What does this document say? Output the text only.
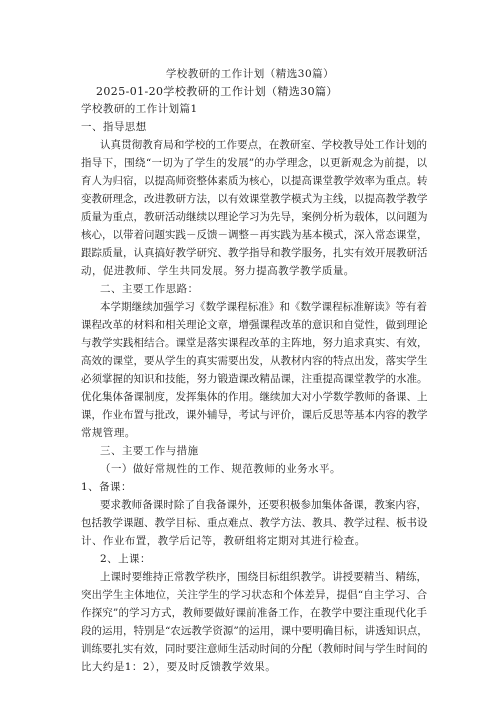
学校教研的工作计划（精选30篇）
2025-01-20学校教研的工作计划（精选30篇）
学校教研的工作计划篇1
一、指导思想
认真贯彻教育局和学校的工作要点，在教研室、学校教导处工作计划的
指导下，围绕“一切为了学生的发展”的办学理念，以更新观念为前提，以
育人为归宿，以提高师资整体素质为核心，以提高课堂教学效率为重点。转
变教研理念，改进教研方法，以有效课堂教学模式为主线，以提高教学教学
质量为重点，教研活动继续以理论学习为先导，案例分析为载体，以问题为
核心，以带着问题实践－反馈－调整－再实践为基本模式，深入常态课堂，
跟踪质量，认真搞好教学研究、教学指导和教学服务，扎实有效开展教研活
动，促进教师、学生共同发展。努力提高教学教学质量。
二、主要工作思路：
本学期继续加强学习《数学课程标准》和《数学课程标准解读》等有着
课程改革的材料和相关理论文章，增强课程改革的意识和自觉性，做到理论
与教学实践相结合。课堂是落实课程改革的主阵地，努力追求真实、有效，
高效的课堂，要从学生的真实需要出发，从教材内容的特点出发，落实学生
必须掌握的知识和技能，努力锻造课改精品课，注重提高课堂教学的水准。
优化集体备课制度，发挥集体的作用。继续加大对小学数学教师的备课、上
课，作业布置与批改，课外辅导，考试与评价，课后反思等基本内容的教学
常规管理。
三、主要工作与措施
（一）做好常规性的工作、规范教师的业务水平。
1、备课：
要求教师备课时除了自我备课外，还要积极参加集体备课，教案内容，
包括教学课题、教学目标、重点难点、教学方法、教具、教学过程、板书设
计、作业布置，教学后记等，教研组将定期对其进行检查。
2、上课：
上课时要维持正常教学秩序，围绕目标组织教学。讲授要精当、精练，
突出学生主体地位，关注学生的学习状态和个体差异，提倡“自主学习、合
作探究”的学习方式，教师要做好课前准备工作，在教学中要注重现代化手
段的运用，特别是“农远教学资源”的运用，课中要明确目标，讲透知识点，
训练要扎实有效，同时要注意师生活动时间的分配（教师时间与学生时间的
比大约是1：2），要及时反馈教学效果。
